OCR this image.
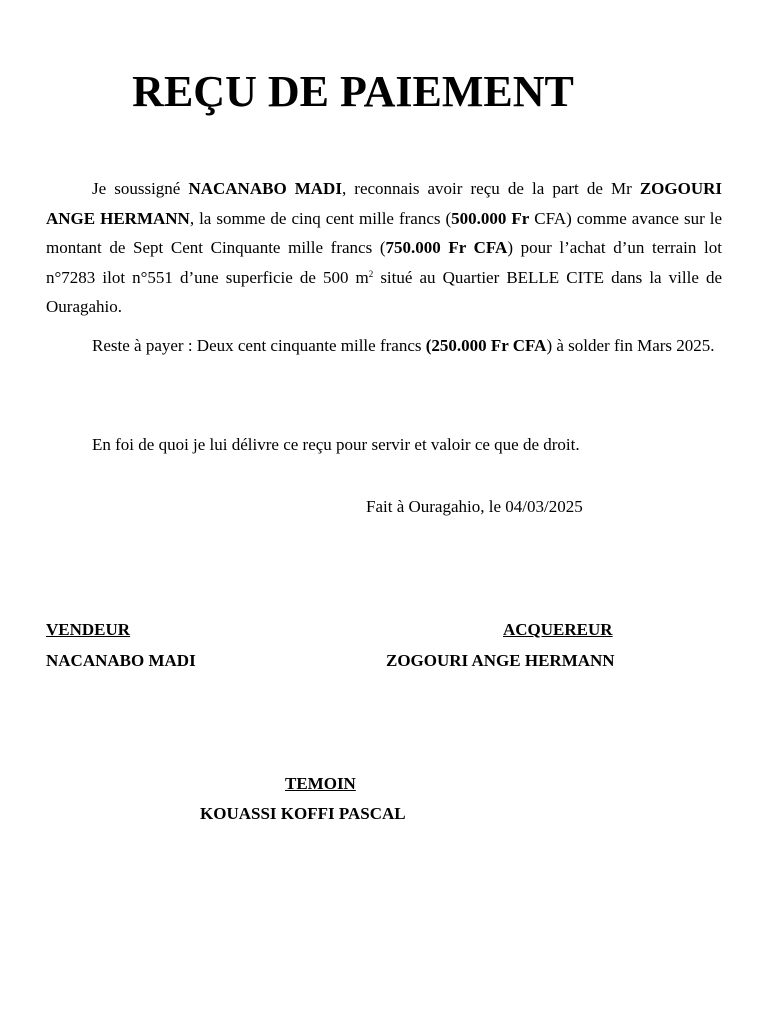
REÇU DE PAIEMENT

Je soussigné NACANABO MADI, reconnais avoir reçu de la part de Mr ZOGOURI ANGE HERMANN, la somme de cinq cent mille francs (500.000 Fr CFA) comme avance sur le montant de Sept Cent Cinquante mille francs (750.000 Fr CFA) pour l’achat d’un terrain lot n°7283 ilot n°551 d’une superficie de 500 $m^2$ situé au Quartier BELLE CITE dans la ville de Ouragahio.

Reste à payer : Deux cent cinquante mille francs (250.000 Fr CFA) à solder fin Mars 2025.

En foi de quoi je lui délivre ce reçu pour servir et valoir ce que de droit.
Fait à Ouragahio, le 04/03/2025
VENDEUR	ACQUEREUR
NACANABO MADI	ZOGOURI ANGE HERMANN
TEMOIN
KOUASSI KOFFI PASCAL
